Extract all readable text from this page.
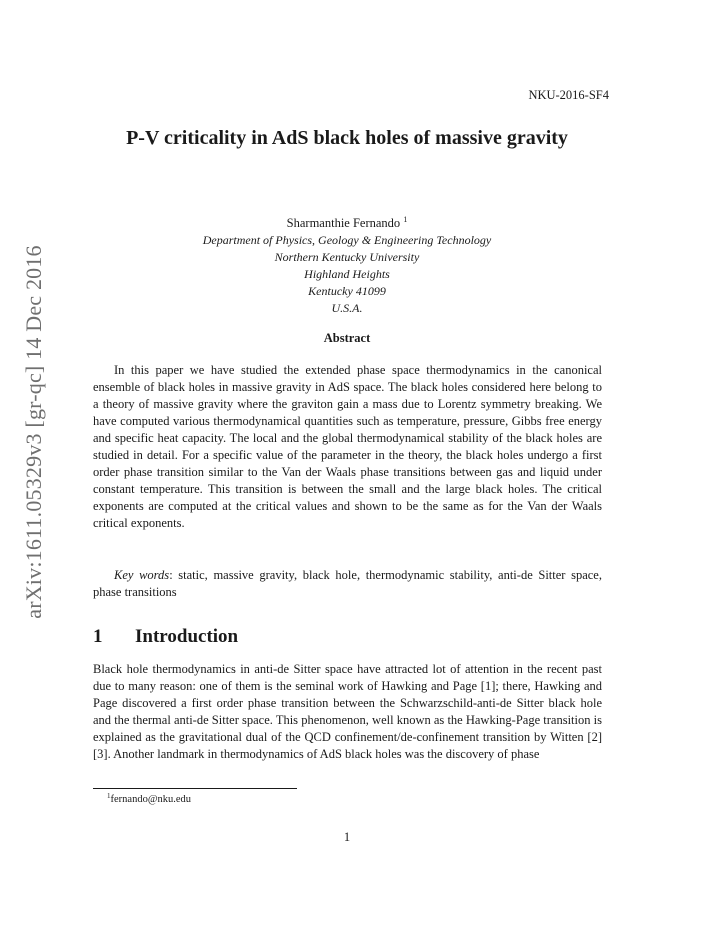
NKU-2016-SF4
arXiv:1611.05329v3 [gr-qc] 14 Dec 2016
P-V criticality in AdS black holes of massive gravity
Sharmanthie Fernando $^1$
Department of Physics, Geology & Engineering Technology
Northern Kentucky University
Highland Heights
Kentucky 41099
U.S.A.
Abstract

In this paper we have studied the extended phase space thermodynamics in the canonical ensemble of black holes in massive gravity in AdS space. The black holes considered here belong to a theory of massive gravity where the graviton gain a mass due to Lorentz symmetry breaking. We have computed various thermodynamical quantities such as temperature, pressure, Gibbs free energy and specific heat capacity. The local and the global thermodynamical stability of the black holes are studied in detail. For a specific value of the parameter in the theory, the black holes undergo a first order phase transition similar to the Van der Waals phase transitions between gas and liquid under constant temperature. This transition is between the small and the large black holes. The critical exponents are computed at the critical values and shown to be the same as for the Van der Waals critical exponents.

Key words: static, massive gravity, black hole, thermodynamic stability, anti-de Sitter space, phase transitions

1 Introduction

Black hole thermodynamics in anti-de Sitter space have attracted lot of attention in the recent past due to many reason: one of them is the seminal work of Hawking and Page [1]; there, Hawking and Page discovered a first order phase transition between the Schwarzschild-anti-de Sitter black hole and the thermal anti-de Sitter space. This phenomenon, well known as the Hawking-Page transition is explained as the gravitational dual of the QCD confinement/de-confinement transition by Witten [2] [3]. Another landmark in thermodynamics of AdS black holes was the discovery of phase

$^1$fernando@nku.edu
1
